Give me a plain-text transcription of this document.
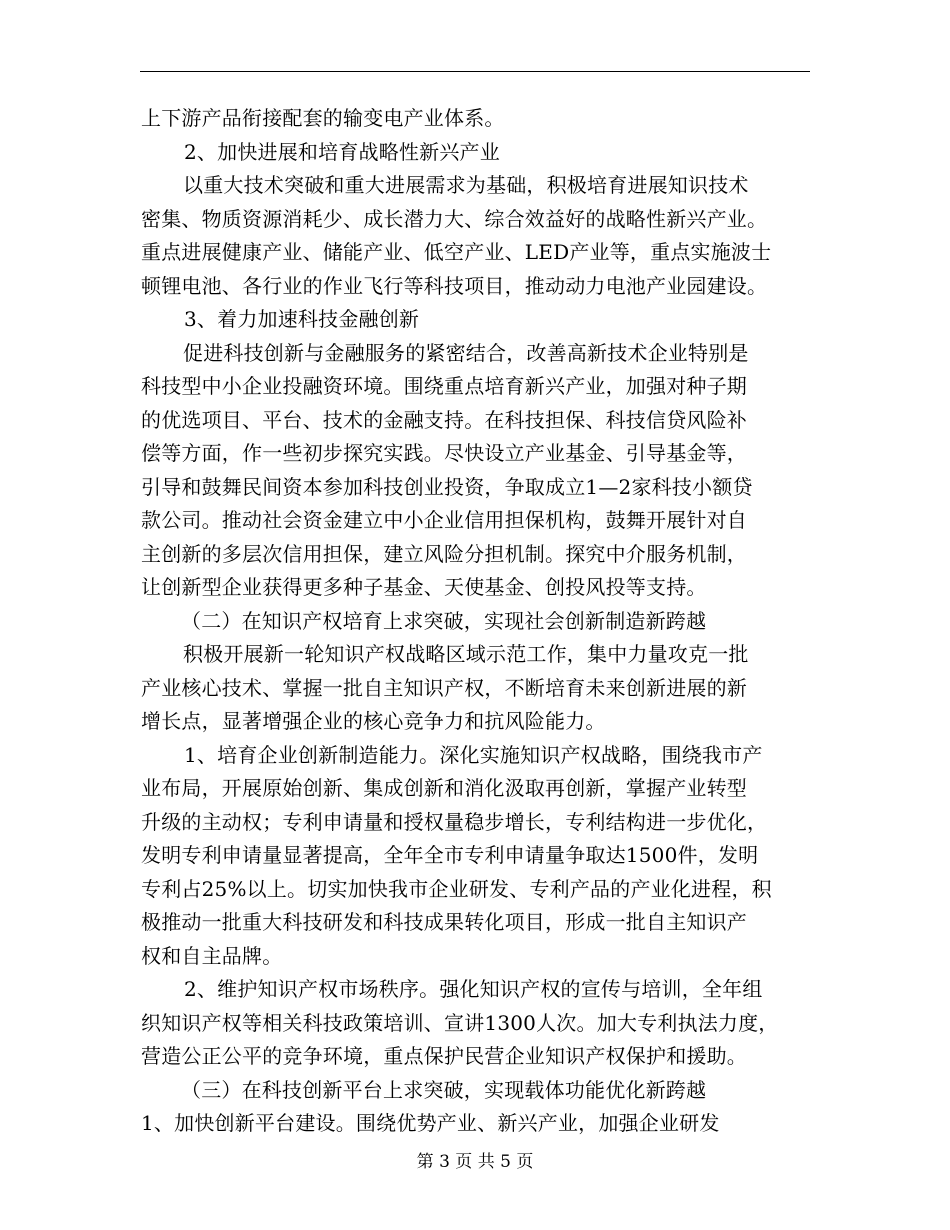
上下游产品衔接配套的输变电产业体系。
2、加快进展和培育战略性新兴产业
以重大技术突破和重大进展需求为基础，积极培育进展知识技术
密集、物质资源消耗少、成长潜力大、综合效益好的战略性新兴产业。
重点进展健康产业、储能产业、低空产业、LED产业等，重点实施波士
顿锂电池、各行业的作业飞行等科技项目，推动动力电池产业园建设。
3、着力加速科技金融创新
促进科技创新与金融服务的紧密结合，改善高新技术企业特别是
科技型中小企业投融资环境。围绕重点培育新兴产业，加强对种子期
的优选项目、平台、技术的金融支持。在科技担保、科技信贷风险补
偿等方面，作一些初步探究实践。尽快设立产业基金、引导基金等，
引导和鼓舞民间资本参加科技创业投资，争取成立1—2家科技小额贷
款公司。推动社会资金建立中小企业信用担保机构，鼓舞开展针对自
主创新的多层次信用担保，建立风险分担机制。探究中介服务机制，
让创新型企业获得更多种子基金、天使基金、创投风投等支持。
（二）在知识产权培育上求突破，实现社会创新制造新跨越
积极开展新一轮知识产权战略区域示范工作，集中力量攻克一批
产业核心技术、掌握一批自主知识产权，不断培育未来创新进展的新
增长点，显著增强企业的核心竞争力和抗风险能力。
1、培育企业创新制造能力。深化实施知识产权战略，围绕我市产
业布局，开展原始创新、集成创新和消化汲取再创新，掌握产业转型
升级的主动权；专利申请量和授权量稳步增长，专利结构进一步优化，
发明专利申请量显著提高，全年全市专利申请量争取达1500件，发明
专利占25%以上。切实加快我市企业研发、专利产品的产业化进程，积
极推动一批重大科技研发和科技成果转化项目，形成一批自主知识产
权和自主品牌。
2、维护知识产权市场秩序。强化知识产权的宣传与培训，全年组
织知识产权等相关科技政策培训、宣讲1300人次。加大专利执法力度，
营造公正公平的竞争环境，重点保护民营企业知识产权保护和援助。
（三）在科技创新平台上求突破，实现载体功能优化新跨越
1、加快创新平台建设。围绕优势产业、新兴产业，加强企业研发
第 3 页 共 5 页
